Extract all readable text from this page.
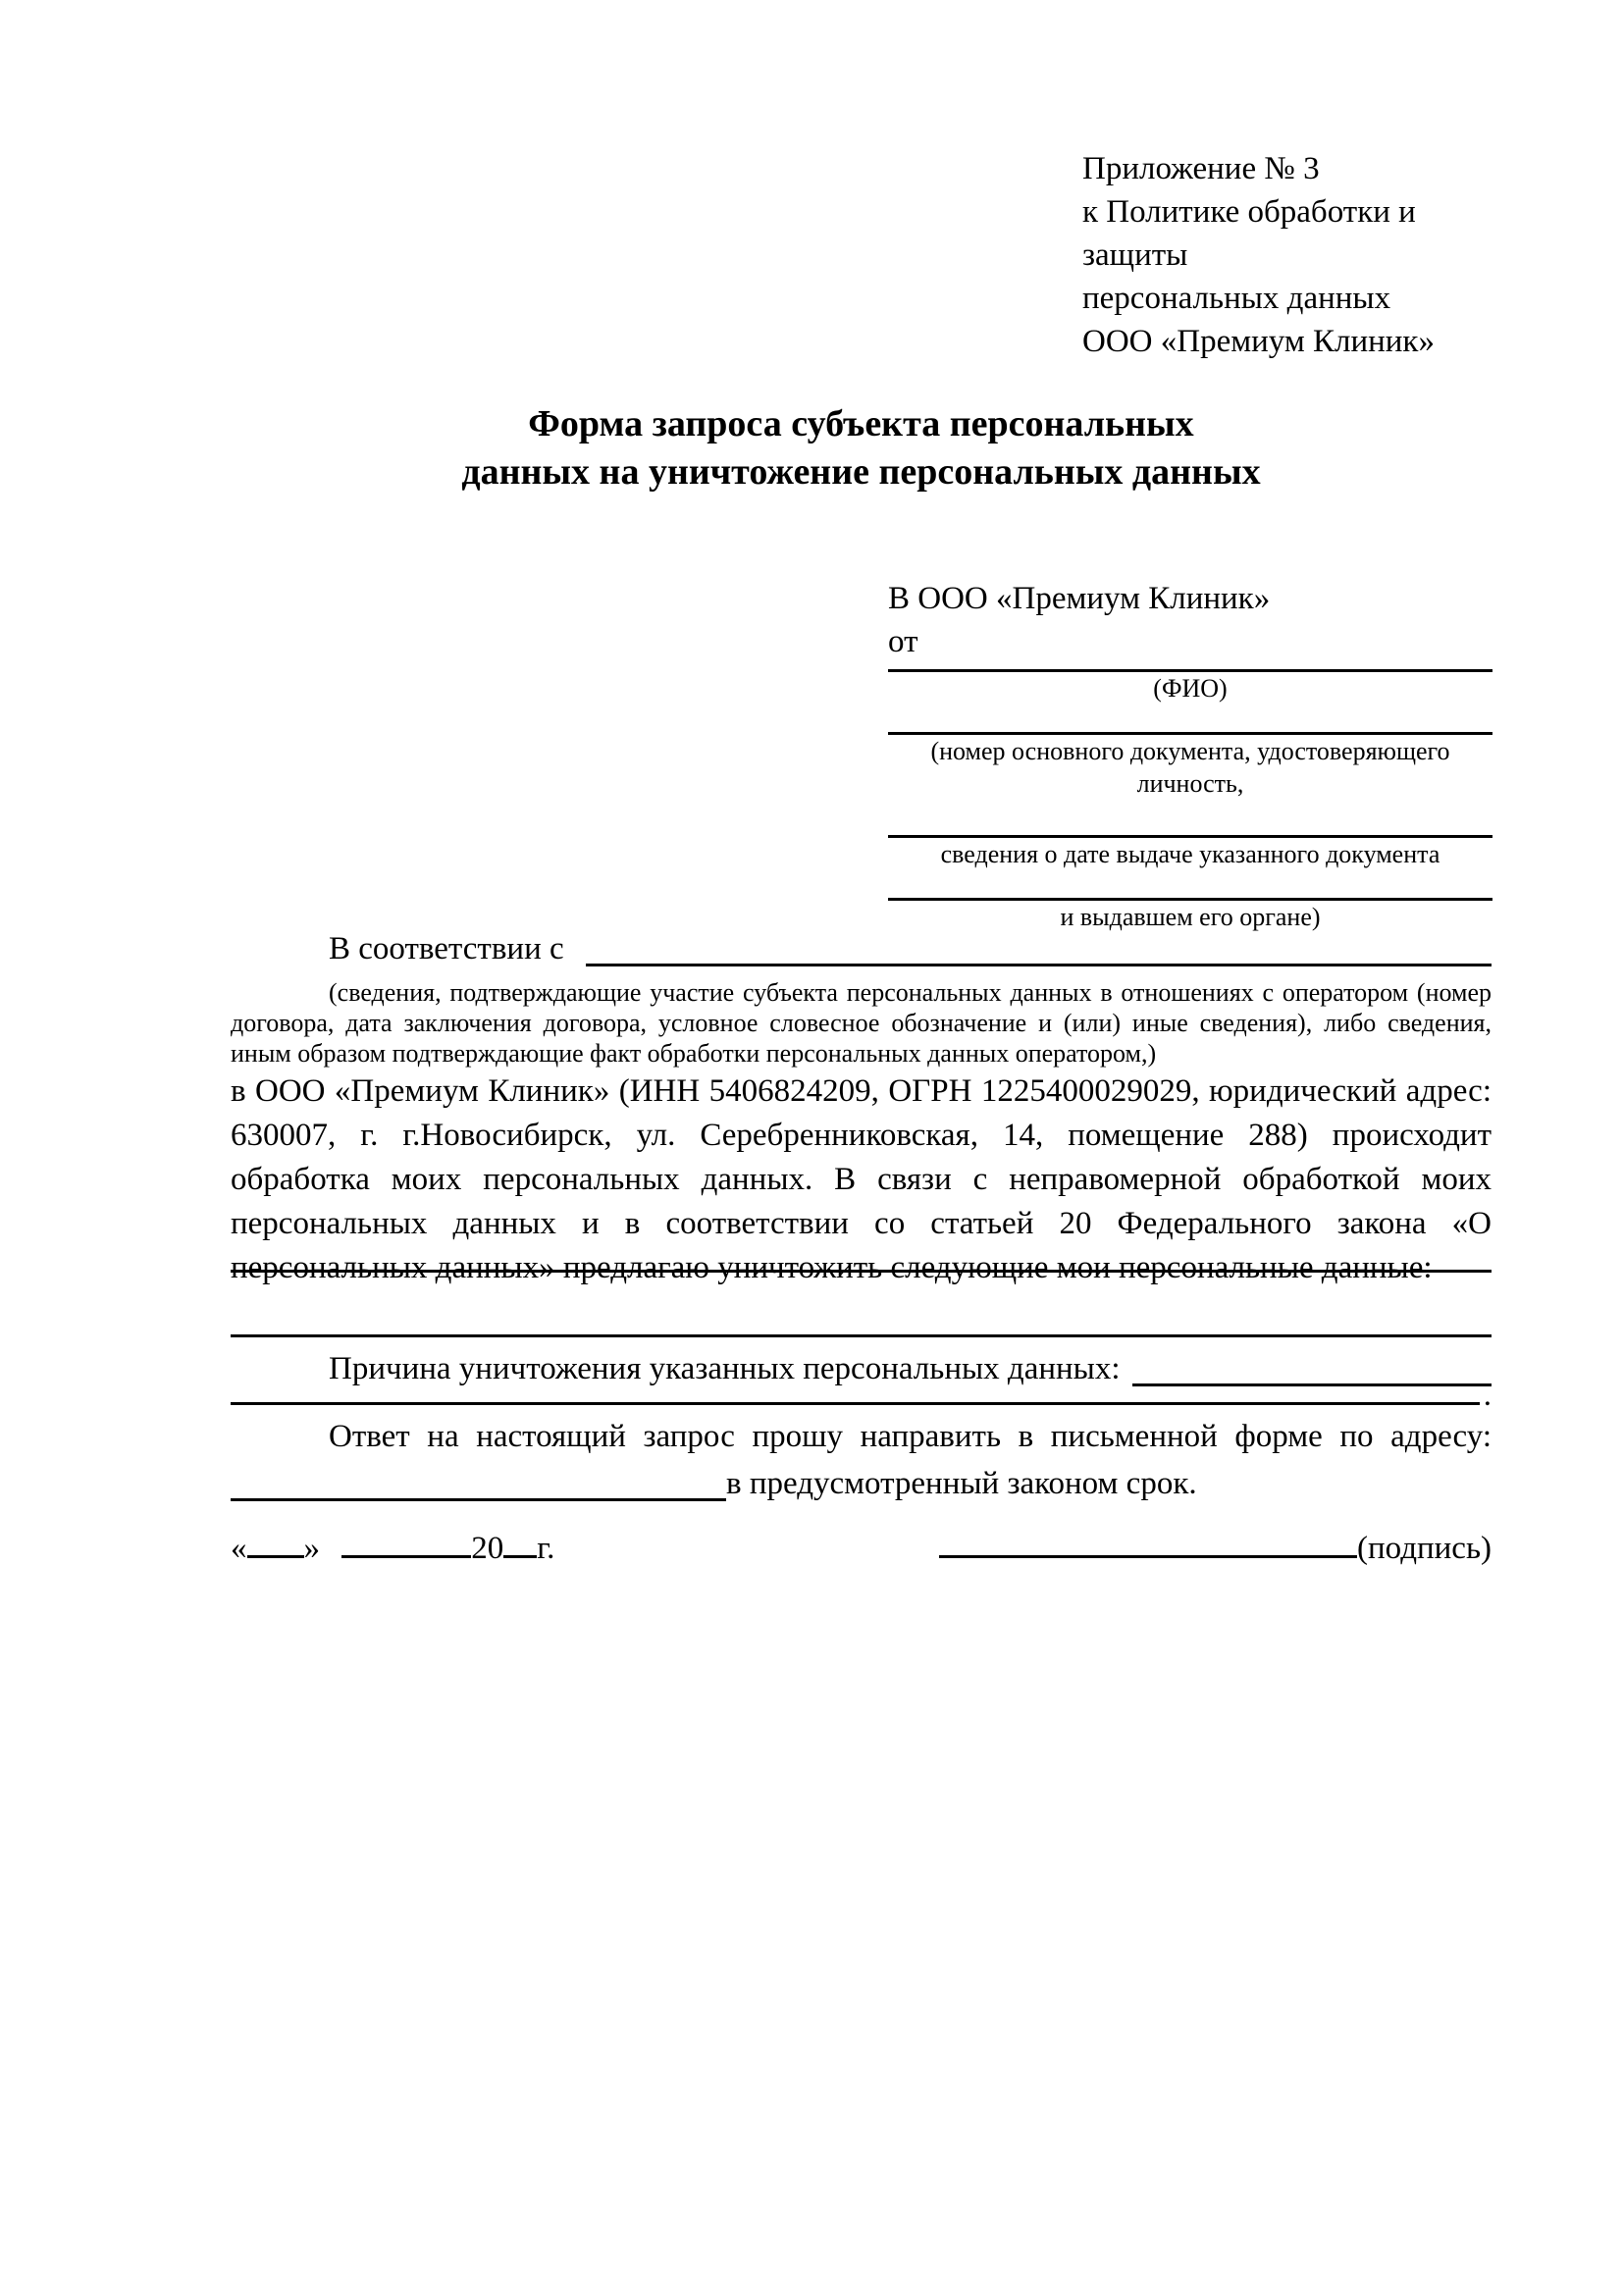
Приложение № 3
к Политике обработки и защиты
персональных данных
ООО «Премиум Клиник»
Форма запроса субъекта персональных данных на уничтожение персональных данных
В ООО «Премиум Клиник»
от
(ФИО)
(номер основного документа, удостоверяющего личность,
сведения о дате выдаче указанного документа
и выдавшем его органе)
В соответствии с

(сведения, подтверждающие участие субъекта персональных данных в отношениях с оператором (номер договора, дата заключения договора, условное словесное обозначение и (или) иные сведения), либо сведения, иным образом подтверждающие факт обработки персональных данных оператором,)

в ООО «Премиум Клиник» (ИНН 5406824209, ОГРН 1225400029029, юридический адрес: 630007, г. г.Новосибирск, ул. Серебренниковская, 14, помещение 288) происходит обработка моих персональных данных. В связи с неправомерной обработкой моих персональных данных и в соответствии со статьей 20 Федерального закона «О персональных данных» предлагаю уничтожить следующие мои персональные данные:

Причина уничтожения указанных персональных данных:
.

Ответ на настоящий запрос прошу направить в письменной форме по адресу:

в предусмотренный законом срок.
« »	20 г.	(подпись)
